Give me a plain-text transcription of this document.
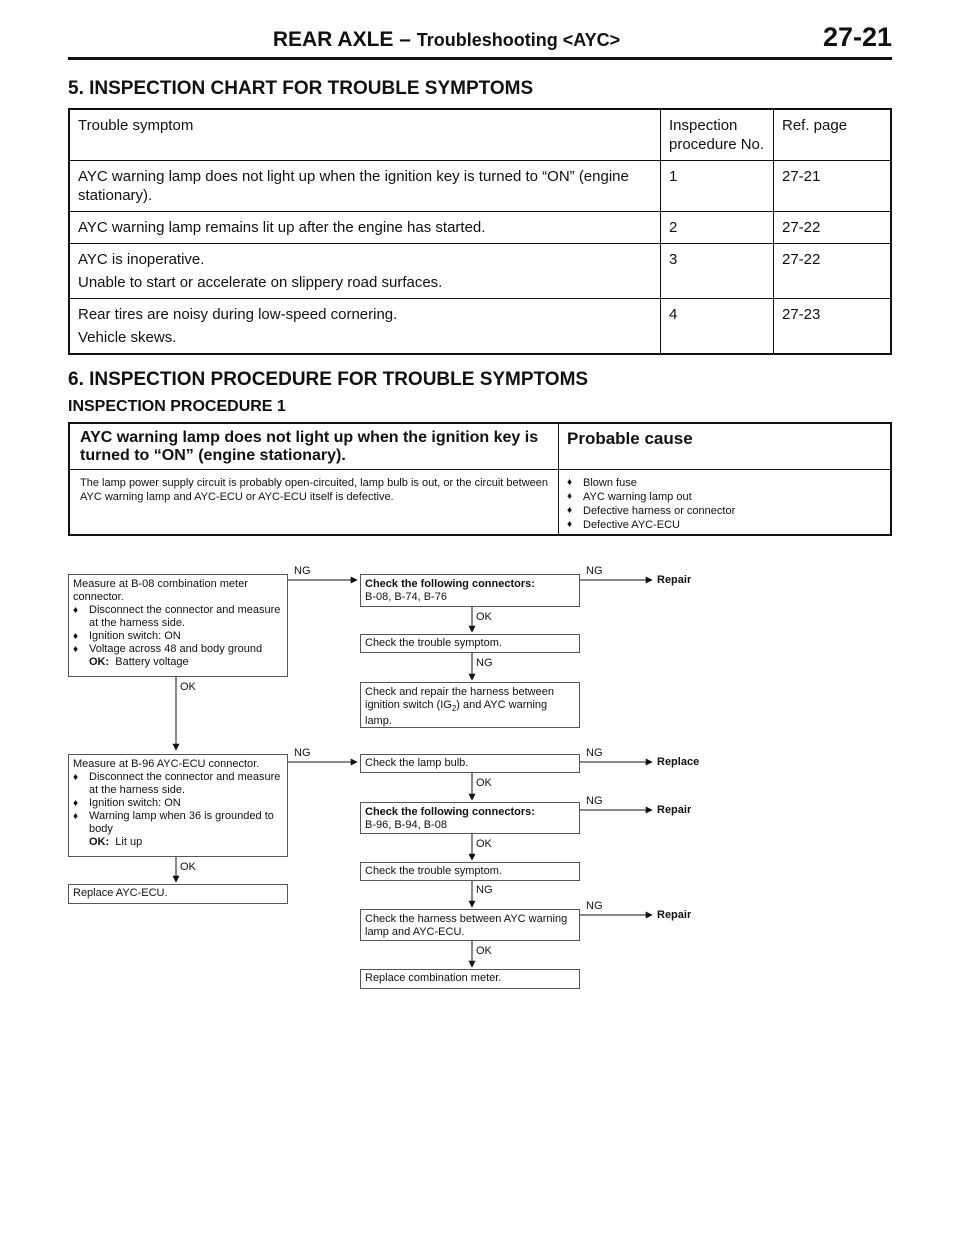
REAR AXLE – Troubleshooting <AYC>	27-21
5. INSPECTION CHART FOR TROUBLE SYMPTOMS
Trouble symptom	Inspection procedure No.	Ref. page

AYC warning lamp does not light up when the ignition key is turned to “ON” (engine stationary).	1	27-21

AYC warning lamp remains lit up after the engine has started.	2	27-22

AYC is inoperative.
Unable to start or accelerate on slippery road surfaces.	3	27-22

Rear tires are noisy during low-speed cornering.
Vehicle skews.	4	27-23
6. INSPECTION PROCEDURE FOR TROUBLE SYMPTOMS
INSPECTION PROCEDURE 1
AYC warning lamp does not light up when the ignition key is turned to “ON” (engine stationary).
Probable cause
The lamp power supply circuit is probably open-circuited, lamp bulb is out, or the circuit between AYC warning lamp and AYC-ECU or AYC-ECU itself is defective.
♦ Blown fuse
♦ AYC warning lamp out
♦ Defective harness or connector
♦ Defective AYC-ECU
Measure at B-08 combination meter connector.
♦ Disconnect the connector and measure at the harness side.
♦ Ignition switch: ON
♦ Voltage across 48 and body ground
OK: Battery voltage
Check the following connectors:
B-08, B-74, B-76
Check the trouble symptom.
Check and repair the harness between ignition switch $(IG_2)$ and AYC warning lamp.
Measure at B-96 AYC-ECU connector.
♦ Disconnect the connector and measure at the harness side.
♦ Ignition switch: ON
♦ Warning lamp when 36 is grounded to body
OK: Lit up
Check the lamp bulb.
Check the following connectors:
B-96, B-94, B-08
Check the trouble symptom.
Check the harness between AYC warning lamp and AYC-ECU.
Replace combination meter.
Replace AYC-ECU.
NG	NG
OK
NG
OK
NG	NG
OK
NG
OK
OK
NG
NG
OK
Repair
Replace
Repair
Repair
